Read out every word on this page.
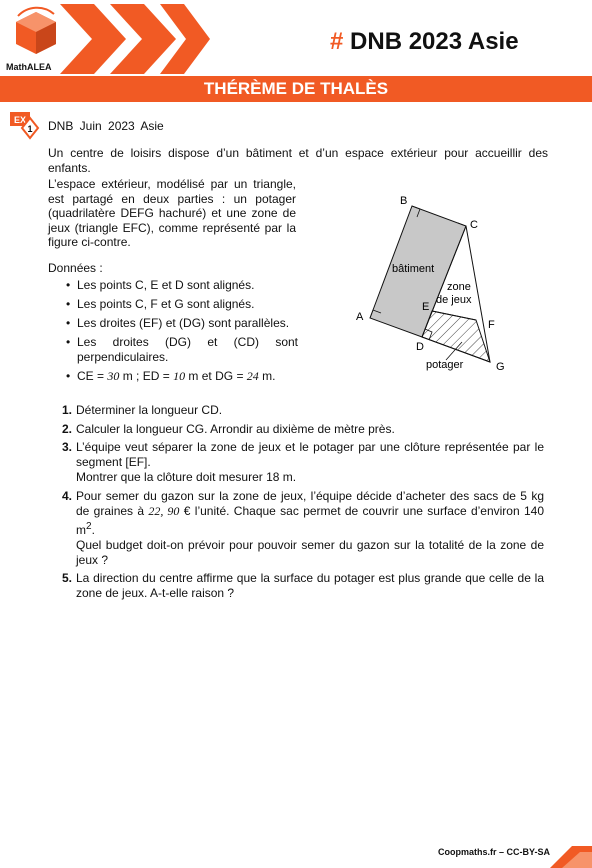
MathALEA
# DNB 2023 Asie
THÉRÈME DE THALÈS
EX
1 DNB Juin 2023 Asie
Un centre de loisirs dispose d’un bâtiment et d’un espace extérieur pour accueillir des enfants.
L’espace extérieur, modélisé par un triangle, est partagé en deux parties : un potager (quadrilatère DEFG hachuré) et une zone de jeux (triangle EFC), comme représenté par la figure ci-contre.
Données :
• Les points C, E et D sont alignés.
• Les points C, F et G sont alignés.
• Les droites (EF) et (DG) sont parallèles.
• Les droites (DG) et (CD) sont perpendiculaires.
• CE = 30 m ; ED = 10 m et DG = 24 m.
B
C
A
D
E
F
G
bâtiment
zone
de jeux
potager
1. Déterminer la longueur CD.
2. Calculer la longueur CG. Arrondir au dixième de mètre près.
3. L’équipe veut séparer la zone de jeux et le potager par une clôture représentée par le segment [EF].
Montrer que la clôture doit mesurer 18 m.
4. Pour semer du gazon sur la zone de jeux, l’équipe décide d’acheter des sacs de 5 kg de graines à 22, 90 € l’unité. Chaque sac permet de couvrir une surface d’environ 140 $m^2$.
Quel budget doit-on prévoir pour pouvoir semer du gazon sur la totalité de la zone de jeux ?
5. La direction du centre affirme que la surface du potager est plus grande que celle de la zone de jeux. A-t-elle raison ?
Coopmaths.fr – CC-BY-SA
